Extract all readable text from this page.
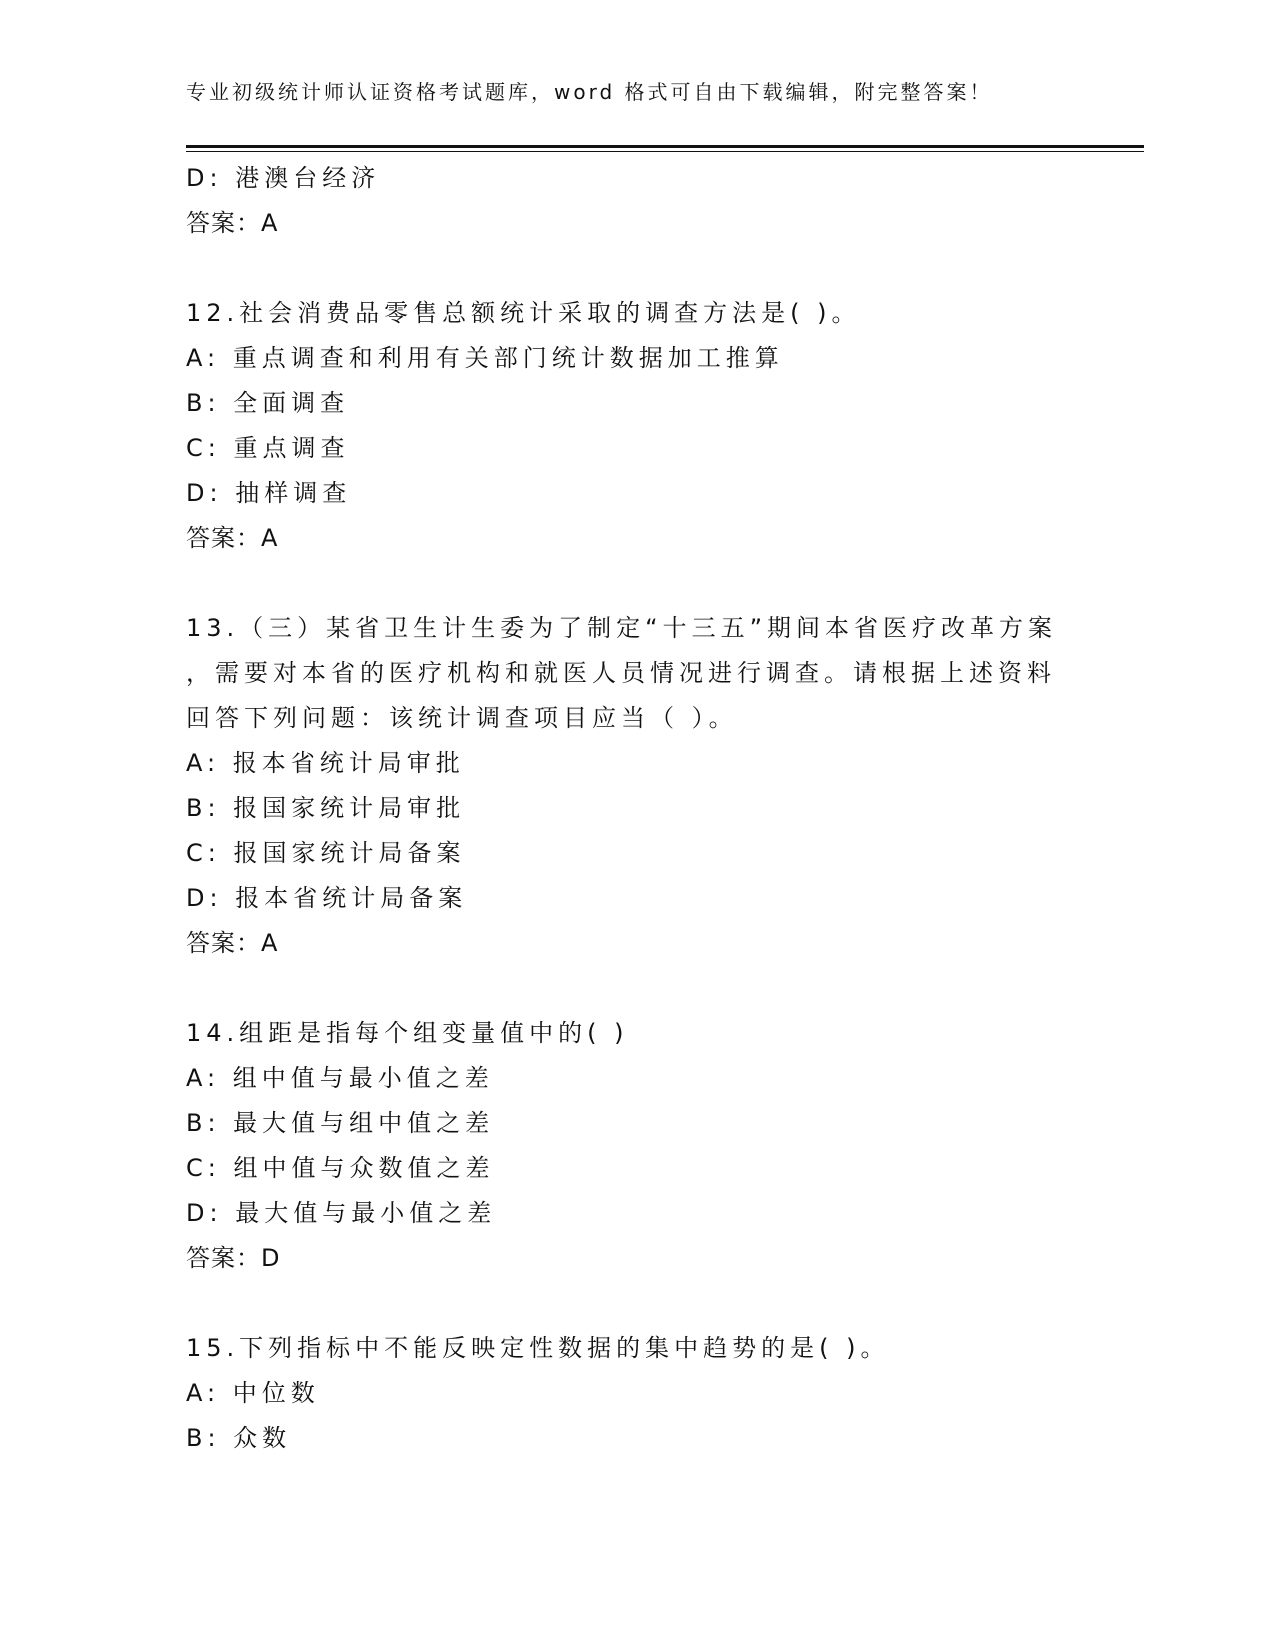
专业初级统计师认证资格考试题库，word 格式可自由下载编辑，附完整答案！
D: 港澳台经济
答案：A
12.社会消费品零售总额统计采取的调查方法是( )。
A: 重点调查和利用有关部门统计数据加工推算
B: 全面调查
C: 重点调查
D: 抽样调查
答案：A
13.（三）某省卫生计生委为了制定“十三五”期间本省医疗改革方案
，需要对本省的医疗机构和就医人员情况进行调查。请根据上述资料
回答下列问题：该统计调查项目应当（ ）。
A: 报本省统计局审批
B: 报国家统计局审批
C: 报国家统计局备案
D: 报本省统计局备案
答案：A
14.组距是指每个组变量值中的( )
A: 组中值与最小值之差
B: 最大值与组中值之差
C: 组中值与众数值之差
D: 最大值与最小值之差
答案：D
15.下列指标中不能反映定性数据的集中趋势的是( )。
A: 中位数
B: 众数
